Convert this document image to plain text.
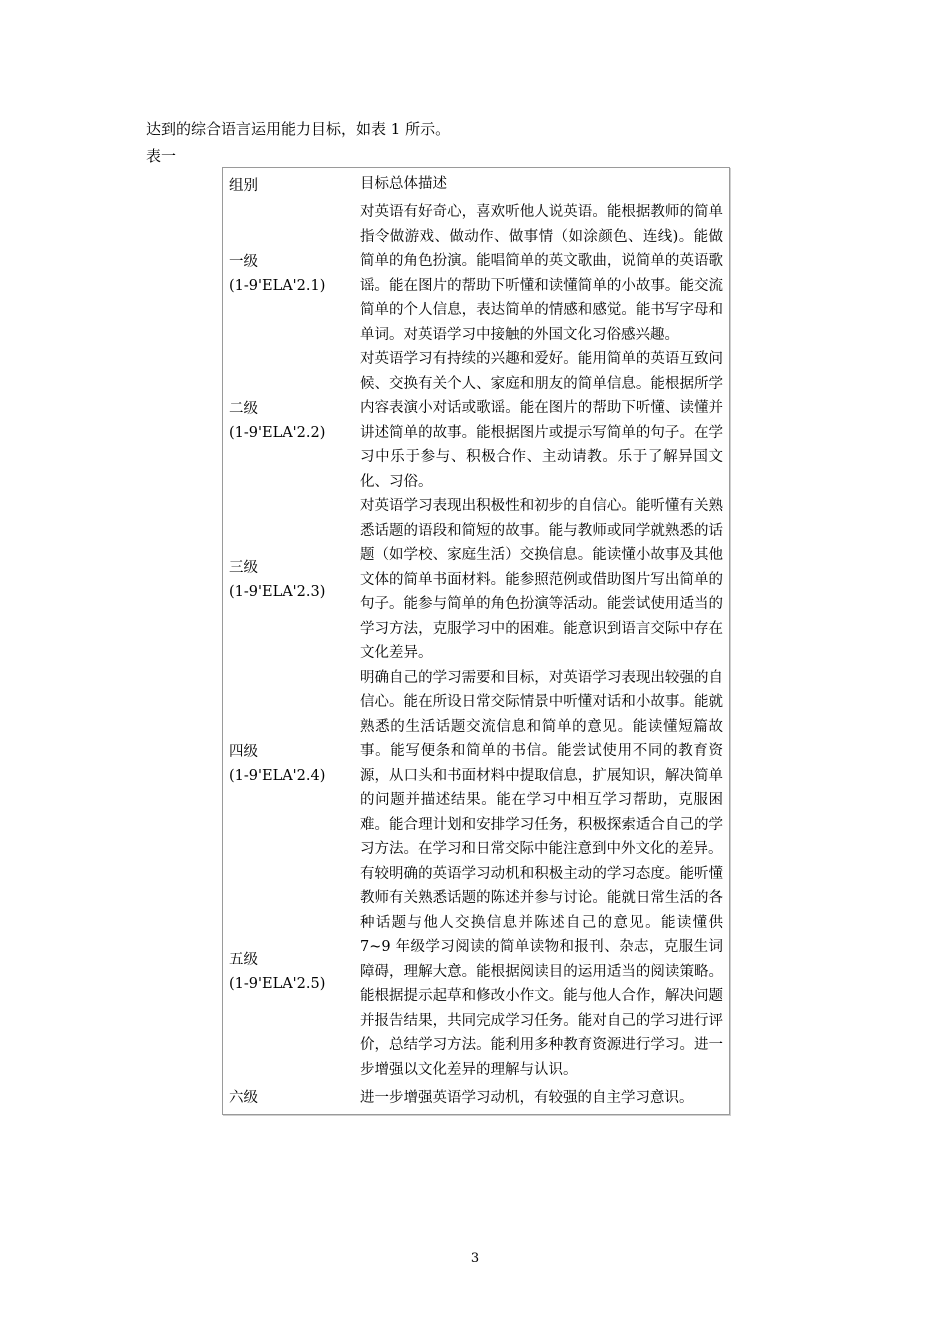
达到的综合语言运用能力目标，如表 1 所示。
表一
组别	目标总体描述

一级
(1-9'ELA'2.1)	对英语有好奇心，喜欢听他人说英语。能根据教师的简单指令做游戏、做动作、做事情（如涂颜色、连线)。能做简单的角色扮演。能唱简单的英文歌曲，说简单的英语歌谣。能在图片的帮助下听懂和读懂简单的小故事。能交流简单的个人信息，表达简单的情感和感觉。能书写字母和单词。对英语学习中接触的外国文化习俗感兴趣。

二级
(1-9'ELA'2.2)	对英语学习有持续的兴趣和爱好。能用简单的英语互致问候、交换有关个人、家庭和朋友的简单信息。能根据所学内容表演小对话或歌谣。能在图片的帮助下听懂、读懂并讲述简单的故事。能根据图片或提示写简单的句子。在学习中乐于参与、积极合作、主动请教。乐于了解异国文化、习俗。

三级
(1-9'ELA'2.3)	对英语学习表现出积极性和初步的自信心。能听懂有关熟悉话题的语段和简短的故事。能与教师或同学就熟悉的话题（如学校、家庭生活）交换信息。能读懂小故事及其他文体的简单书面材料。能参照范例或借助图片写出简单的句子。能参与简单的角色扮演等活动。能尝试使用适当的学习方法，克服学习中的困难。能意识到语言交际中存在文化差异。

四级
(1-9'ELA'2.4)	明确自己的学习需要和目标，对英语学习表现出较强的自信心。能在所设日常交际情景中听懂对话和小故事。能就熟悉的生活话题交流信息和简单的意见。能读懂短篇故事。能写便条和简单的书信。能尝试使用不同的教育资源，从口头和书面材料中提取信息，扩展知识，解决简单的问题并描述结果。能在学习中相互学习帮助，克服困难。能合理计划和安排学习任务，积极探索适合自己的学习方法。在学习和日常交际中能注意到中外文化的差异。

五级
(1-9'ELA'2.5)	有较明确的英语学习动机和积极主动的学习态度。能听懂教师有关熟悉话题的陈述并参与讨论。能就日常生活的各种话题与他人交换信息并陈述自己的意见。能读懂供 7~9 年级学习阅读的简单读物和报刊、杂志，克服生词障碍，理解大意。能根据阅读目的运用适当的阅读策略。能根据提示起草和修改小作文。能与他人合作，解决问题并报告结果，共同完成学习任务。能对自己的学习进行评价，总结学习方法。能利用多种教育资源进行学习。进一步增强以文化差异的理解与认识。

六级	进一步增强英语学习动机，有较强的自主学习意识。
3
